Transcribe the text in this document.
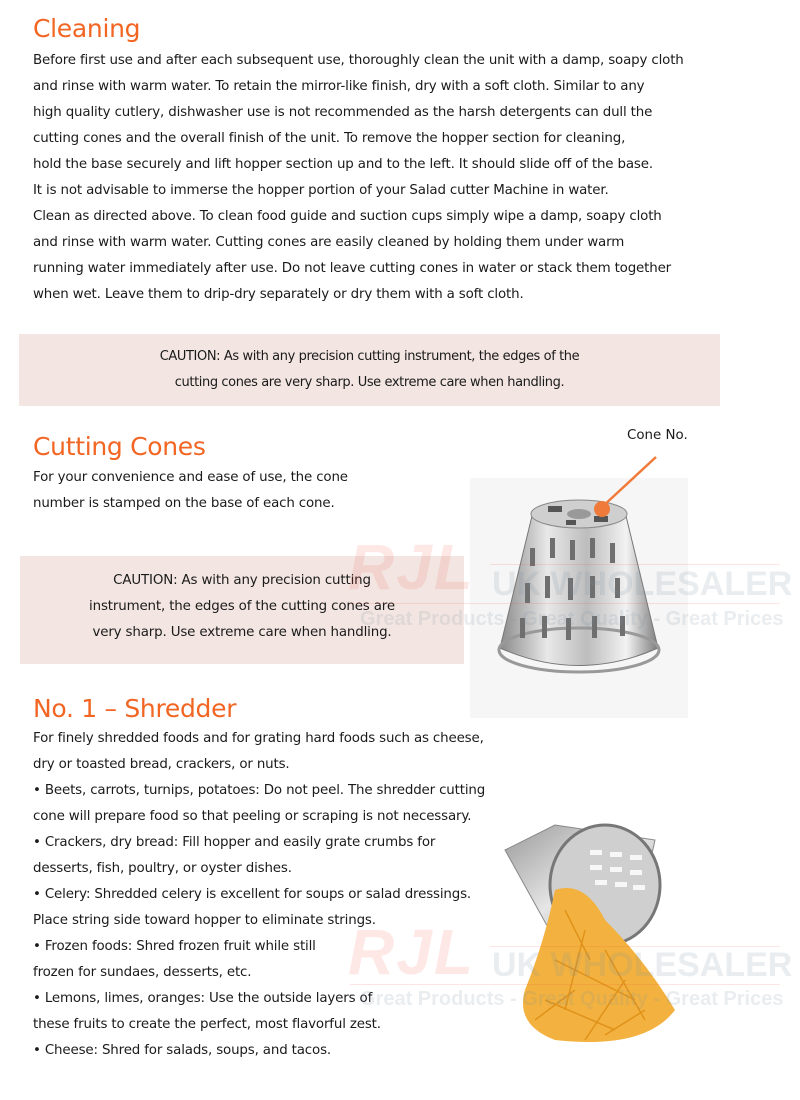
Cleaning
Before first use and after each subsequent use, thoroughly clean the unit with a damp, soapy cloth
and rinse with warm water. To retain the mirror-like finish, dry with a soft cloth. Similar to any
high quality cutlery, dishwasher use is not recommended as the harsh detergents can dull the
cutting cones and the overall finish of the unit. To remove the hopper section for cleaning,
hold the base securely and lift hopper section up and to the left. It should slide off of the base.
It is not advisable to immerse the hopper portion of your Salad cutter Machine in water.
Clean as directed above. To clean food guide and suction cups simply wipe a damp, soapy cloth
and rinse with warm water. Cutting cones are easily cleaned by holding them under warm
running water immediately after use. Do not leave cutting cones in water or stack them together
when wet. Leave them to drip-dry separately or dry them with a soft cloth.
CAUTION: As with any precision cutting instrument, the edges of the
cutting cones are very sharp. Use extreme care when handling.
Cutting Cones
For your convenience and ease of use, the cone
number is stamped on the base of each cone.
Cone No.
CAUTION: As with any precision cutting
instrument, the edges of the cutting cones are
very sharp. Use extreme care when handling.
Great Prices
No. 1 – Shredder
For finely shredded foods and for grating hard foods such as cheese,
dry or toasted bread, crackers, or nuts.
• Beets, carrots, turnips, potatoes: Do not peel. The shredder cutting
cone will prepare food so that peeling or scraping is not necessary.
• Crackers, dry bread: Fill hopper and easily grate crumbs for
desserts, fish, poultry, or oyster dishes.
• Celery: Shredded celery is excellent for soups or salad dressings.
Place string side toward hopper to eliminate strings.
• Frozen foods: Shred frozen fruit while still
frozen for sundaes, desserts, etc.
• Lemons, limes, oranges: Use the outside layers of
these fruits to create the perfect, most flavorful zest.
• Cheese: Shred for salads, soups, and tacos.
RJL UK WHOLESALER
Great Products - Great Prices
